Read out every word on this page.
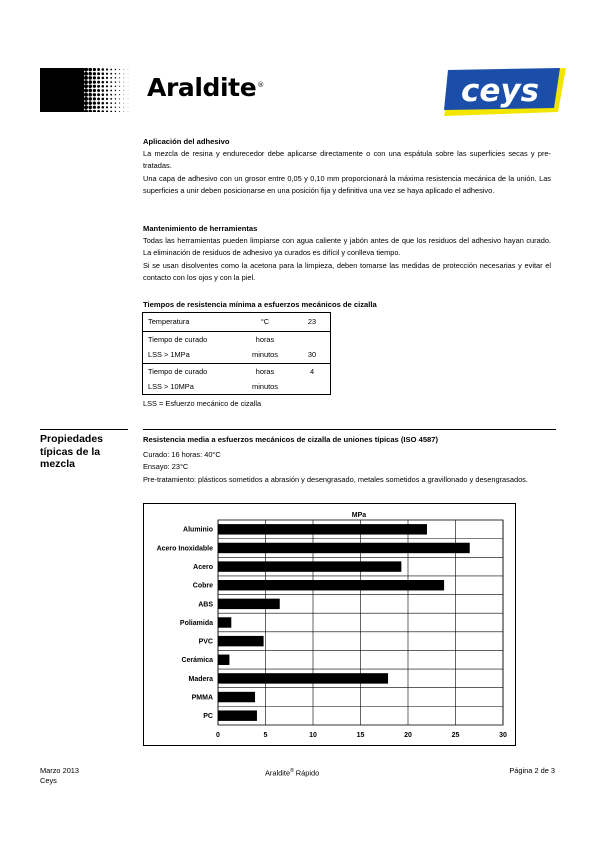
Araldite®	ceys

Aplicación del adhesivo

La mezcla de resina y endurecedor debe aplicarse directamente o con una espátula sobre las superficies secas y pre-tratadas.

Una capa de adhesivo con un grosor entre 0,05 y 0,10 mm proporcionará la máxima resistencia mecánica de la unión. Las superficies a unir deben posicionarse en una posición fija y definitiva una vez se haya aplicado el adhesivo.

Mantenimiento de herramientas

Todas las herramientas pueden limpiarse con agua caliente y jabón antes de que los residuos del adhesivo hayan curado. La eliminación de residuos de adhesivo ya curados es difícil y conlleva tiempo.

Si se usan disolventes como la acetona para la limpieza, deben tomarse las medidas de protección necesarias y evitar el contacto con los ojos y con la piel.

Tiempos de resistencia mínima a esfuerzos mecánicos de cizalla
Temperatura	°C	23
Tiempo de curado	horas
LSS > 1MPa	minutos	30
Tiempo de curado	horas	4
LSS > 10MPa	minutos
LSS = Esfuerzo mecánico de cizalla
Propiedades
típicas de la
mezcla

Resistencia media a esfuerzos mecánicos de cizalla de uniones típicas (ISO 4587)

Curado: 16 horas: 40°C

Ensayo: 23°C

Pre-tratamiento: plásticos sometidos a abrasión y desengrasado, metales sometidos a gravillonado y desengrasados.

MPa
Aluminio
Acero Inoxidable
Acero
Cobre
ABS
Poliamida
PVC
Cerámica
Madera
PMMA
PC
0	5	10	15	20	25	30
Marzo 2013
Ceys
Araldite® Rápido	Página 2 de 3
